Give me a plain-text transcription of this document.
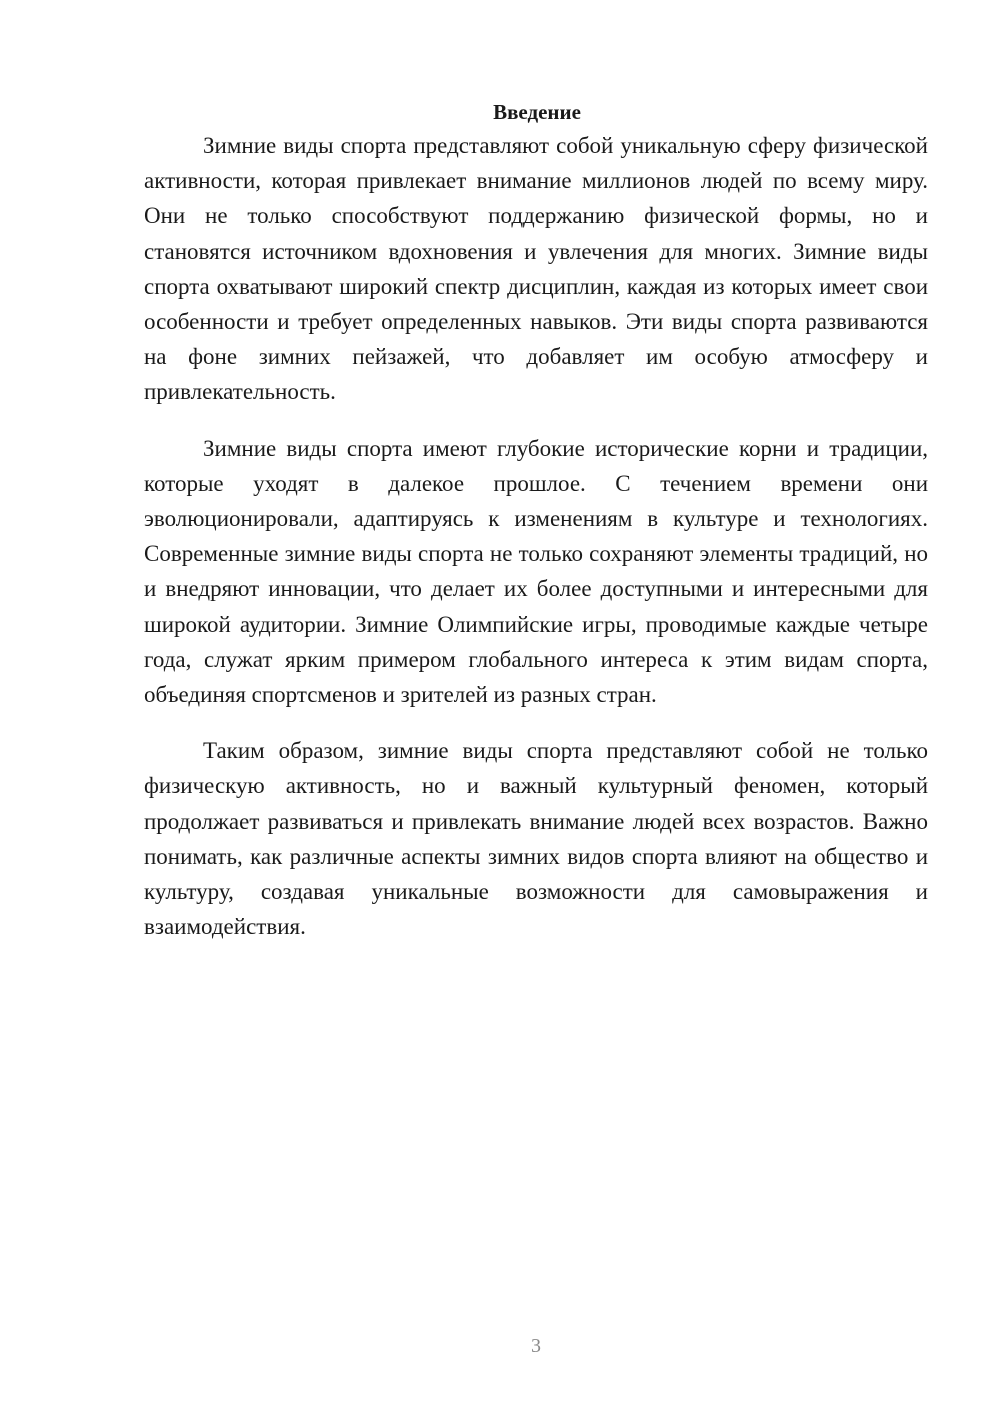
Введение

Зимние виды спорта представляют собой уникальную сферу физической активности, которая привлекает внимание миллионов людей по всему миру. Они не только способствуют поддержанию физической формы, но и становятся источником вдохновения и увлечения для многих. Зимние виды спорта охватывают широкий спектр дисциплин, каждая из которых имеет свои особенности и требует определенных навыков. Эти виды спорта развиваются на фоне зимних пейзажей, что добавляет им особую атмосферу и привлекательность.

Зимние виды спорта имеют глубокие исторические корни и традиции, которые уходят в далекое прошлое. С течением времени они эволюционировали, адаптируясь к изменениям в культуре и технологиях. Современные зимние виды спорта не только сохраняют элементы традиций, но и внедряют инновации, что делает их более доступными и интересными для широкой аудитории. Зимние Олимпийские игры, проводимые каждые четыре года, служат ярким примером глобального интереса к этим видам спорта, объединяя спортсменов и зрителей из разных стран.

Таким образом, зимние виды спорта представляют собой не только физическую активность, но и важный культурный феномен, который продолжает развиваться и привлекать внимание людей всех возрастов. Важно понимать, как различные аспекты зимних видов спорта влияют на общество и культуру, создавая уникальные возможности для самовыражения и взаимодействия.

3
